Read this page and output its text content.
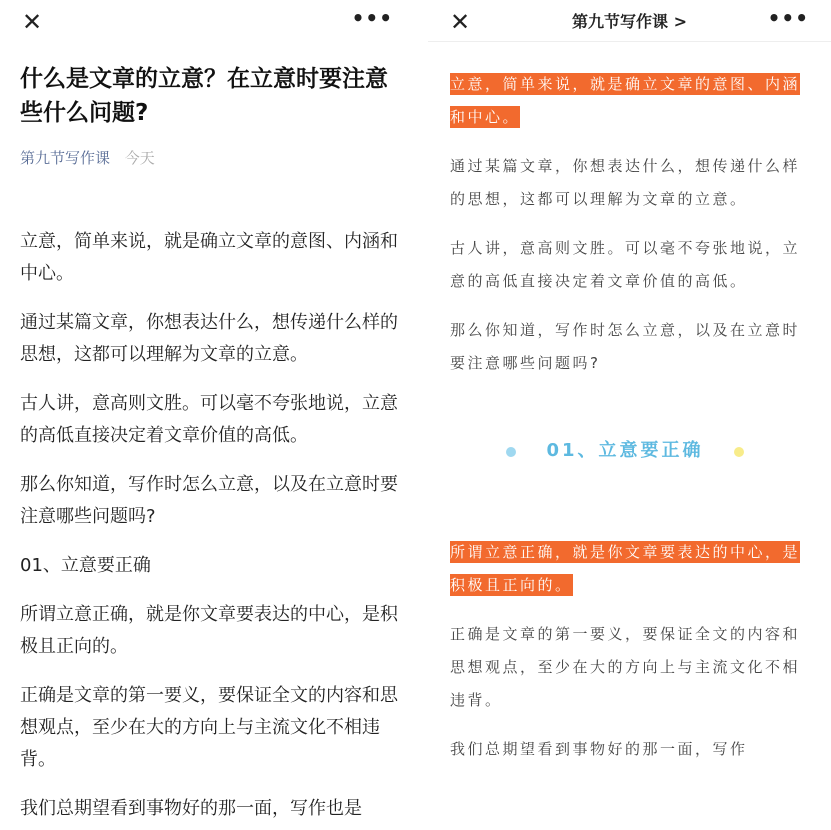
✕	•••
什么是文章的立意？在立意时要注意些什么问题?
第九节写作课 今天

立意，简单来说，就是确立文章的意图、内涵和中心。

通过某篇文章，你想表达什么，想传递什么样的思想，这都可以理解为文章的立意。

古人讲，意高则文胜。可以毫不夸张地说，立意的高低直接决定着文章价值的高低。

那么你知道，写作时怎么立意，以及在立意时要注意哪些问题吗?

01、立意要正确

所谓立意正确，就是你文章要表达的中心，是积极且正向的。

正确是文章的第一要义，要保证全文的内容和思想观点，至少在大的方向上与主流文化不相违背。

我们总期望看到事物好的那一面，写作也是

✕	第九节写作课 >	•••

立意，简单来说，就是确立文章的意图、内涵和中心。

通过某篇文章，你想表达什么，想传递什么样的思想，这都可以理解为文章的立意。

古人讲，意高则文胜。可以毫不夸张地说，立意的高低直接决定着文章价值的高低。

那么你知道，写作时怎么立意，以及在立意时要注意哪些问题吗?

01、立意要正确

所谓立意正确，就是你文章要表达的中心，是积极且正向的。

正确是文章的第一要义，要保证全文的内容和思想观点，至少在大的方向上与主流文化不相违背。

我们总期望看到事物好的那一面，写作
